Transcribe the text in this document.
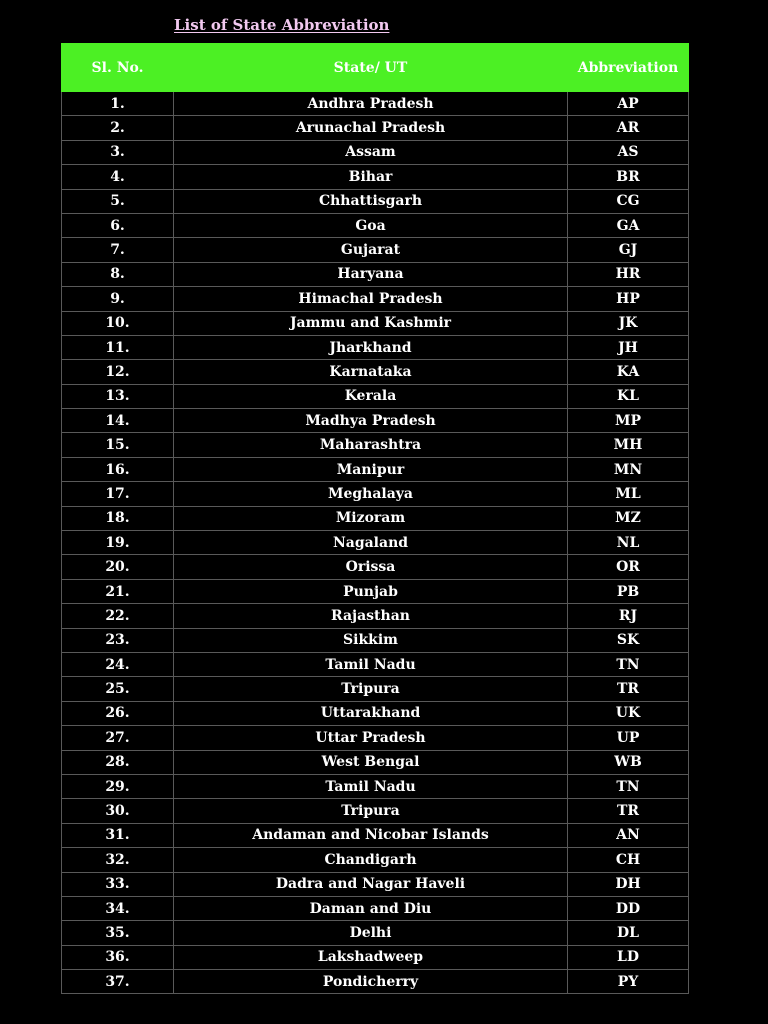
List of State Abbreviation
Sl. No.	State/ UT	Abbreviation
1.	Andhra Pradesh	AP
2.	Arunachal Pradesh	AR
3.	Assam	AS
4.	Bihar	BR
5.	Chhattisgarh	CG
6.	Goa	GA
7.	Gujarat	GJ
8.	Haryana	HR
9.	Himachal Pradesh	HP
10.	Jammu and Kashmir	JK
11.	Jharkhand	JH
12.	Karnataka	KA
13.	Kerala	KL
14.	Madhya Pradesh	MP
15.	Maharashtra	MH
16.	Manipur	MN
17.	Meghalaya	ML
18.	Mizoram	MZ
19.	Nagaland	NL
20.	Orissa	OR
21.	Punjab	PB
22.	Rajasthan	RJ
23.	Sikkim	SK
24.	Tamil Nadu	TN
25.	Tripura	TR
26.	Uttarakhand	UK
27.	Uttar Pradesh	UP
28.	West Bengal	WB
29.	Tamil Nadu	TN
30.	Tripura	TR
31.	Andaman and Nicobar Islands	AN
32.	Chandigarh	CH
33.	Dadra and Nagar Haveli	DH
34.	Daman and Diu	DD
35.	Delhi	DL
36.	Lakshadweep	LD
37.	Pondicherry	PY
